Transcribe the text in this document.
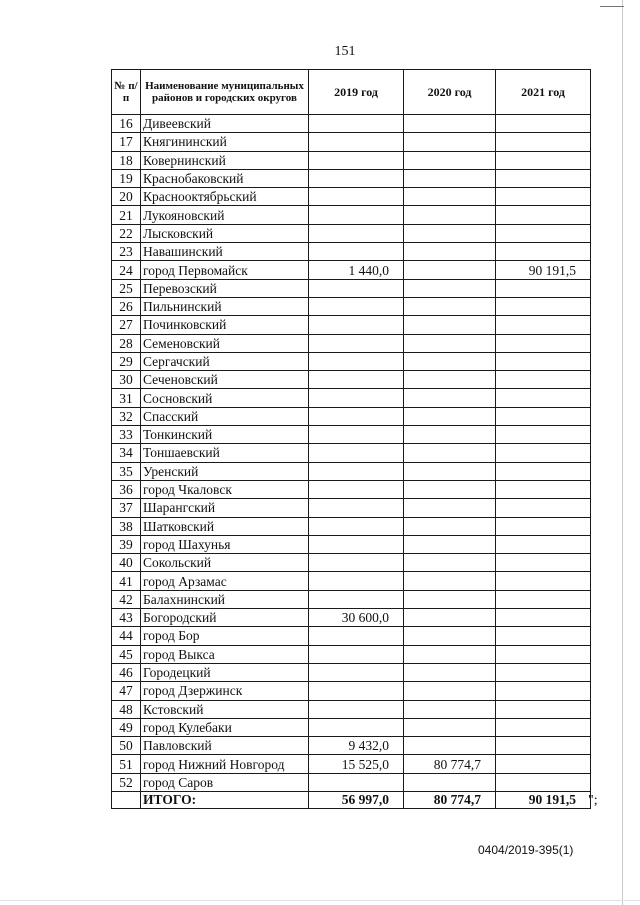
151
№ п/п	Наименование муниципальных районов и городских округов	2019 год	2020 год	2021 год
16	Дивеевский			
17	Княгининский			
18	Ковернинский			
19	Краснобаковский			
20	Краснооктябрьский			
21	Лукояновский			
22	Лысковский			
23	Навашинский			
24	город Первомайск	1 440,0		90 191,5
25	Перевозский			
26	Пильнинский			
27	Починковский			
28	Семеновский			
29	Сергачский			
30	Сеченовский			
31	Сосновский			
32	Спасский			
33	Тонкинский			
34	Тоншаевский			
35	Уренский			
36	город Чкаловск			
37	Шарангский			
38	Шатковский			
39	город Шахунья			
40	Сокольский			
41	город Арзамас			
42	Балахнинский			
43	Богородский	30 600,0		
44	город Бор			
45	город Выкса			
46	Городецкий			
47	город Дзержинск			
48	Кстовский			
49	город Кулебаки			
50	Павловский	9 432,0		
51	город Нижний Новгород	15 525,0	80 774,7	
52	город Саров			
	ИТОГО:	56 997,0	80 774,7	90 191,5 ";
0404/2019-395(1)
